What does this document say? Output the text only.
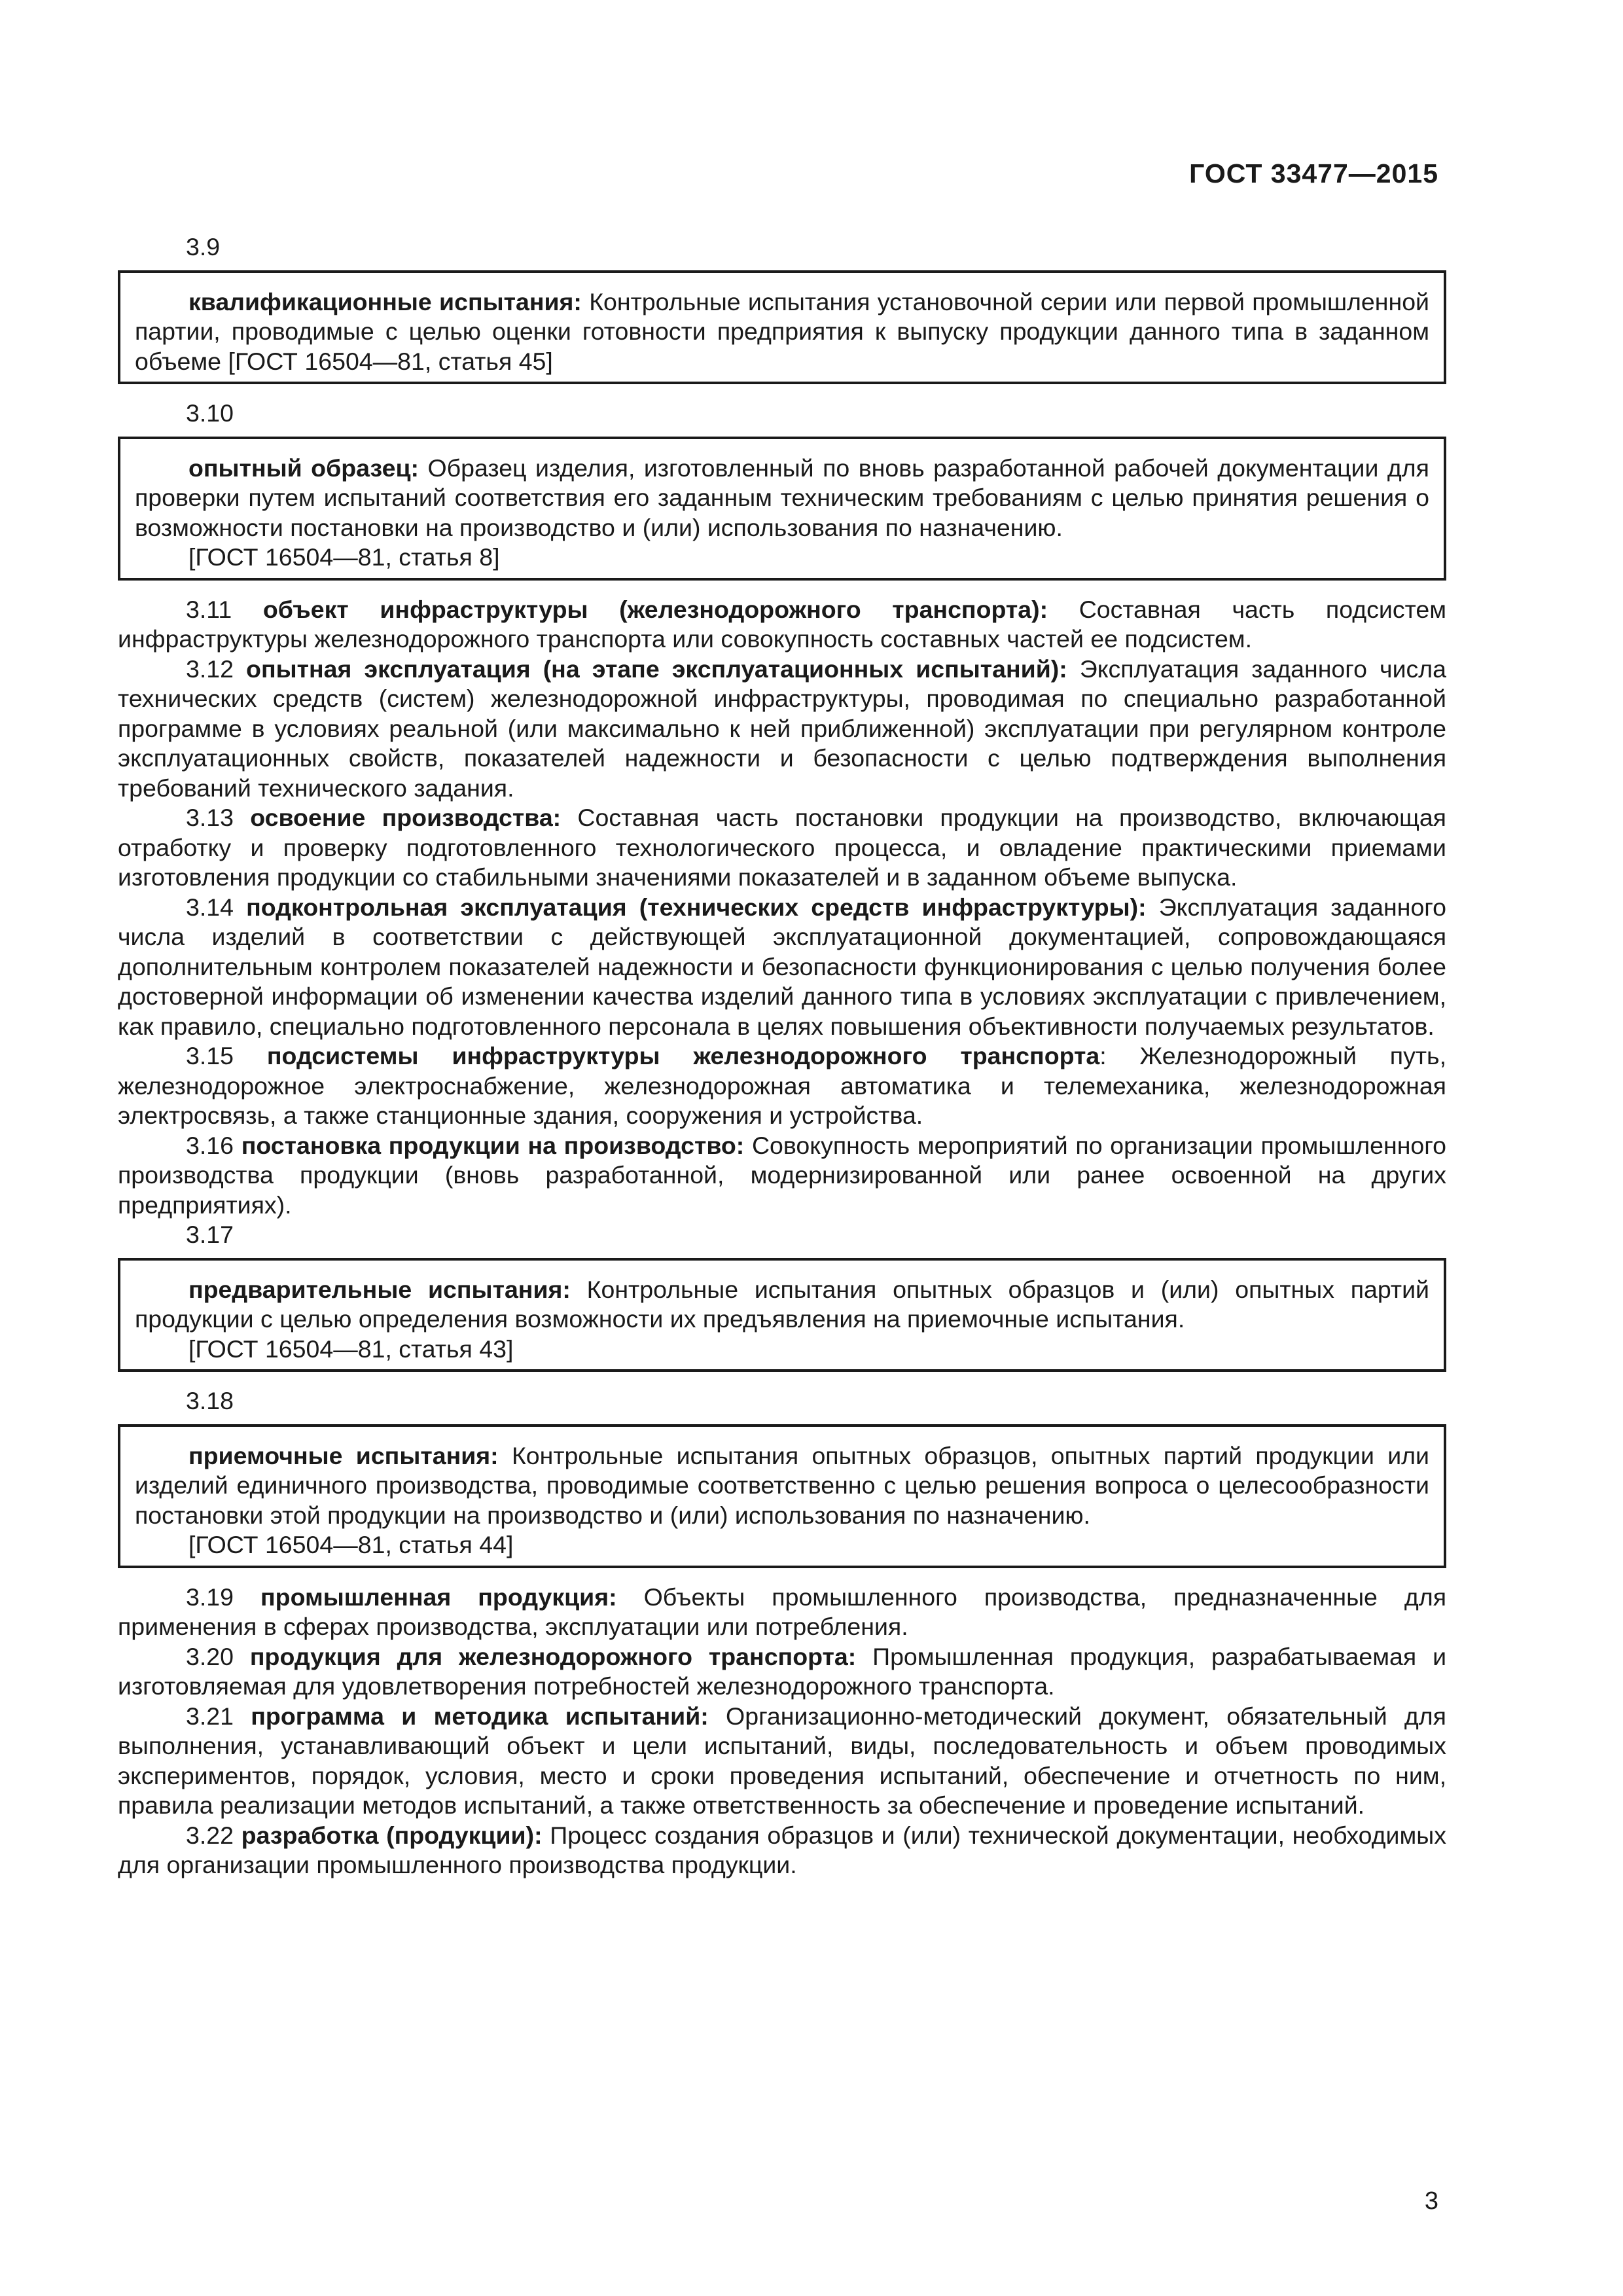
ГОСТ 33477—2015
3.9

квалификационные испытания: Контрольные испытания установочной серии или первой промышленной партии, проводимые с целью оценки готовности предприятия к выпуску продукции данного типа в заданном объеме [ГОСТ 16504—81, статья 45]

3.10

опытный образец: Образец изделия, изготовленный по вновь разработанной рабочей документации для проверки путем испытаний соответствия его заданным техническим требованиям с целью принятия решения о возможности постановки на производство и (или) использования по назначению.

[ГОСТ 16504—81, статья 8]

3.11 объект инфраструктуры (железнодорожного транспорта): Составная часть подсистем инфраструктуры железнодорожного транспорта или совокупность составных частей ее подсистем.

3.12 опытная эксплуатация (на этапе эксплуатационных испытаний): Эксплуатация заданного числа технических средств (систем) железнодорожной инфраструктуры, проводимая по специально разработанной программе в условиях реальной (или максимально к ней приближенной) эксплуатации при регулярном контроле эксплуатационных свойств, показателей надежности и безопасности с целью подтверждения выполнения требований технического задания.

3.13 освоение производства: Составная часть постановки продукции на производство, включающая отработку и проверку подготовленного технологического процесса, и овладение практическими приемами изготовления продукции со стабильными значениями показателей и в заданном объеме выпуска.

3.14 подконтрольная эксплуатация (технических средств инфраструктуры): Эксплуатация заданного числа изделий в соответствии с действующей эксплуатационной документацией, сопровождающаяся дополнительным контролем показателей надежности и безопасности функционирования с целью получения более достоверной информации об изменении качества изделий данного типа в условиях эксплуатации с привлечением, как правило, специально подготовленного персонала в целях повышения объективности получаемых результатов.

3.15 подсистемы инфраструктуры железнодорожного транспорта: Железнодорожный путь, железнодорожное электроснабжение, железнодорожная автоматика и телемеханика, железнодорожная электросвязь, а также станционные здания, сооружения и устройства.

3.16 постановка продукции на производство: Совокупность мероприятий по организации промышленного производства продукции (вновь разработанной, модернизированной или ранее освоенной на других предприятиях).

3.17

предварительные испытания: Контрольные испытания опытных образцов и (или) опытных партий продукции с целью определения возможности их предъявления на приемочные испытания.

[ГОСТ 16504—81, статья 43]

3.18

приемочные испытания: Контрольные испытания опытных образцов, опытных партий продукции или изделий единичного производства, проводимые соответственно с целью решения вопроса о целесообразности постановки этой продукции на производство и (или) использования по назначению.

[ГОСТ 16504—81, статья 44]

3.19 промышленная продукция: Объекты промышленного производства, предназначенные для применения в сферах производства, эксплуатации или потребления.

3.20 продукция для железнодорожного транспорта: Промышленная продукция, разрабатываемая и изготовляемая для удовлетворения потребностей железнодорожного транспорта.

3.21 программа и методика испытаний: Организационно-методический документ, обязательный для выполнения, устанавливающий объект и цели испытаний, виды, последовательность и объем проводимых экспериментов, порядок, условия, место и сроки проведения испытаний, обеспечение и отчетность по ним, правила реализации методов испытаний, а также ответственность за обеспечение и проведение испытаний.

3.22 разработка (продукции): Процесс создания образцов и (или) технической документации, необходимых для организации промышленного производства продукции.

3
